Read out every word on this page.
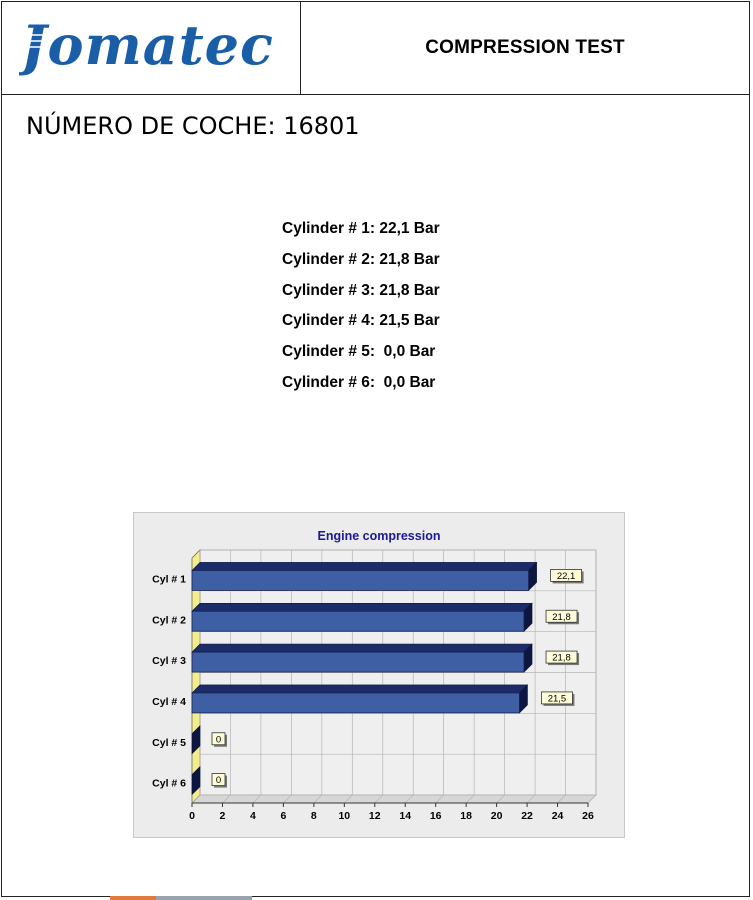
Jomatec	COMPRESSION TEST
NÚMERO DE COCHE: 16801
Cylinder # 1: 22,1 Bar
Cylinder # 2: 21,8 Bar
Cylinder # 3: 21,8 Bar
Cylinder # 4: 21,5 Bar
Cylinder # 5:  0,0 Bar
Cylinder # 6:  0,0 Bar
Engine compression
0 2 4 6 8 10 12 14 16 18 20 22 24 26
Cyl # 1	22,1
Cyl # 2	21,8
Cyl # 3	21,8
Cyl # 4	21,5
Cyl # 5	0
Cyl # 6	0
